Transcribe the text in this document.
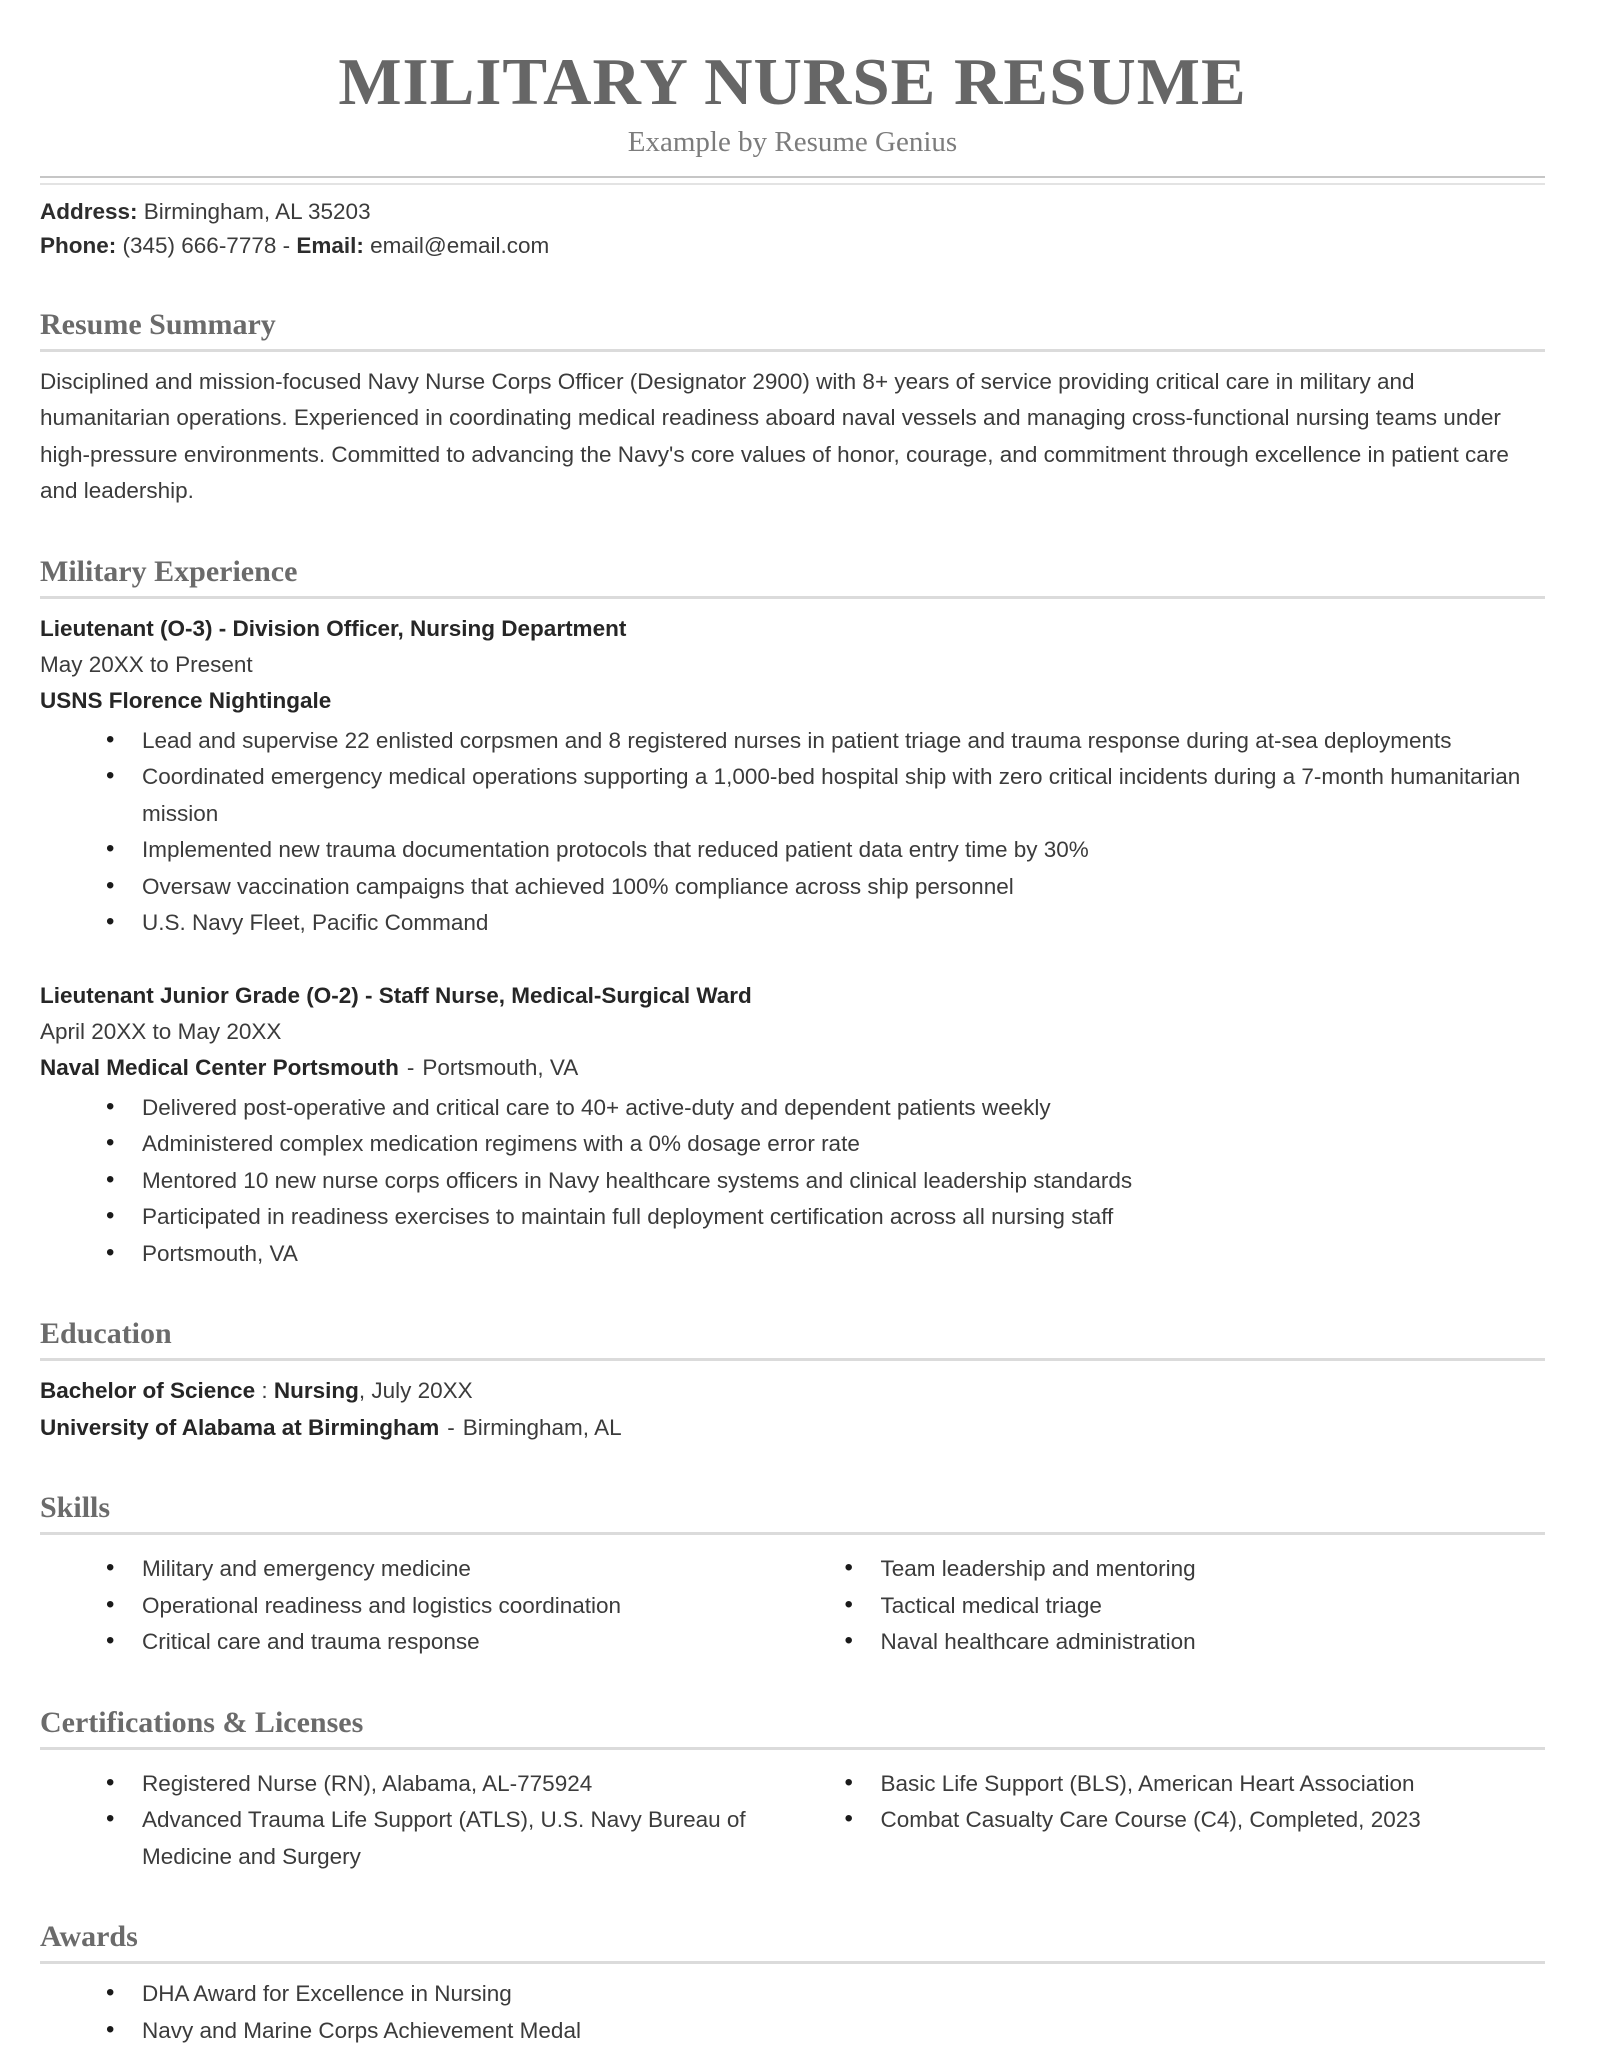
MILITARY NURSE RESUME
Example by Resume Genius

Address: Birmingham, AL 35203

Phone: (345) 666-7778 - Email: email@email.com

Resume Summary

Disciplined and mission-focused Navy Nurse Corps Officer (Designator 2900) with 8+ years of service providing critical care in military and humanitarian operations. Experienced in coordinating medical readiness aboard naval vessels and managing cross-functional nursing teams under high-pressure environments. Committed to advancing the Navy's core values of honor, courage, and commitment through excellence in patient care and leadership.

Military Experience

Lieutenant (O-3) - Division Officer, Nursing Department

May 20XX to Present

USNS Florence Nightingale

• Lead and supervise 22 enlisted corpsmen and 8 registered nurses in patient triage and trauma response during at-sea deployments
• Coordinated emergency medical operations supporting a 1,000-bed hospital ship with zero critical incidents during a 7-month humanitarian mission
• Implemented new trauma documentation protocols that reduced patient data entry time by 30%
• Oversaw vaccination campaigns that achieved 100% compliance across ship personnel
• U.S. Navy Fleet, Pacific Command

Lieutenant Junior Grade (O-2) - Staff Nurse, Medical-Surgical Ward

April 20XX to May 20XX

Naval Medical Center Portsmouth - Portsmouth, VA

• Delivered post-operative and critical care to 40+ active-duty and dependent patients weekly
• Administered complex medication regimens with a 0% dosage error rate
• Mentored 10 new nurse corps officers in Navy healthcare systems and clinical leadership standards
• Participated in readiness exercises to maintain full deployment certification across all nursing staff
• Portsmouth, VA
Education

Bachelor of Science : Nursing, July 20XX

University of Alabama at Birmingham - Birmingham, AL

Skills
• Military and emergency medicine
• Operational readiness and logistics coordination
• Critical care and trauma response
• Team leadership and mentoring
• Tactical medical triage
• Naval healthcare administration
Certifications & Licenses
• Registered Nurse (RN), Alabama, AL-775924
• Advanced Trauma Life Support (ATLS), U.S. Navy Bureau of Medicine and Surgery
• Basic Life Support (BLS), American Heart Association
• Combat Casualty Care Course (C4), Completed, 2023
Awards
• DHA Award for Excellence in Nursing
• Navy and Marine Corps Achievement Medal
